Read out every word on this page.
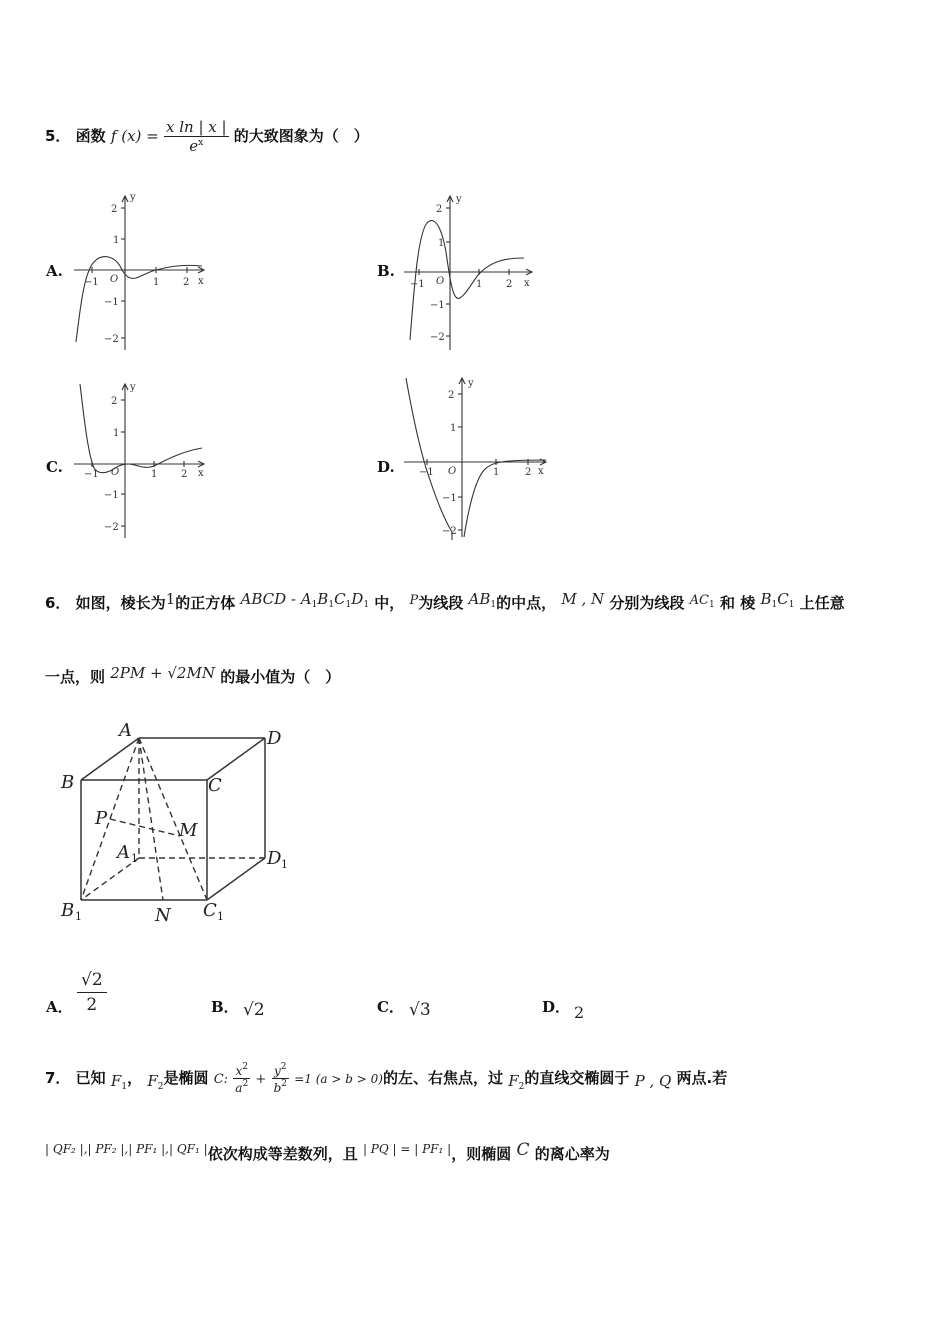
5． 函数 f $(x) = \frac{\text{x ln | x |}}{e^x}$ 的大致图象为（　）
A.	B.
C.	D.
y
x
O
2
1
−1
−2
−1	1 2
y
x
O
2
1
−1
−2
−1	1 2
y
x
O
2
1
−1
−2
−1	1 2
y
x
O
2
1
−1
−2
−1	1	2
6． 如图，棱长为1的正方体 ABCD - $A_1B_1C_1D_1$ 中， P为线段 $AB_1$的中点， M , N 分别为线段 $AC_1$ 和 棱 $B_1C_1$ 上任意
一点，则 2PM + √2MN 的最小值为（　）
A	D
B	C
P
M
A	D
B	N C
1	1
1	1
A． $\frac{√2}{2}$	B． √2	C． √3	D． 2
7． 已知 $F_1$， $F_2$是椭圆 C: $\frac{x^2}{a^2} + \frac{y^2}{b^2} =1$ (a > b > 0)的左、右焦点，过 $F_2$的直线交椭圆于 P , Q 两点.若
$^{| QF_2 |,| PF_2 |,| PF_1 |,| QF_1 |}$依次构成等差数列，且 $^{| PQ | = | PF_1 |}$，则椭圆 C 的离心率为
